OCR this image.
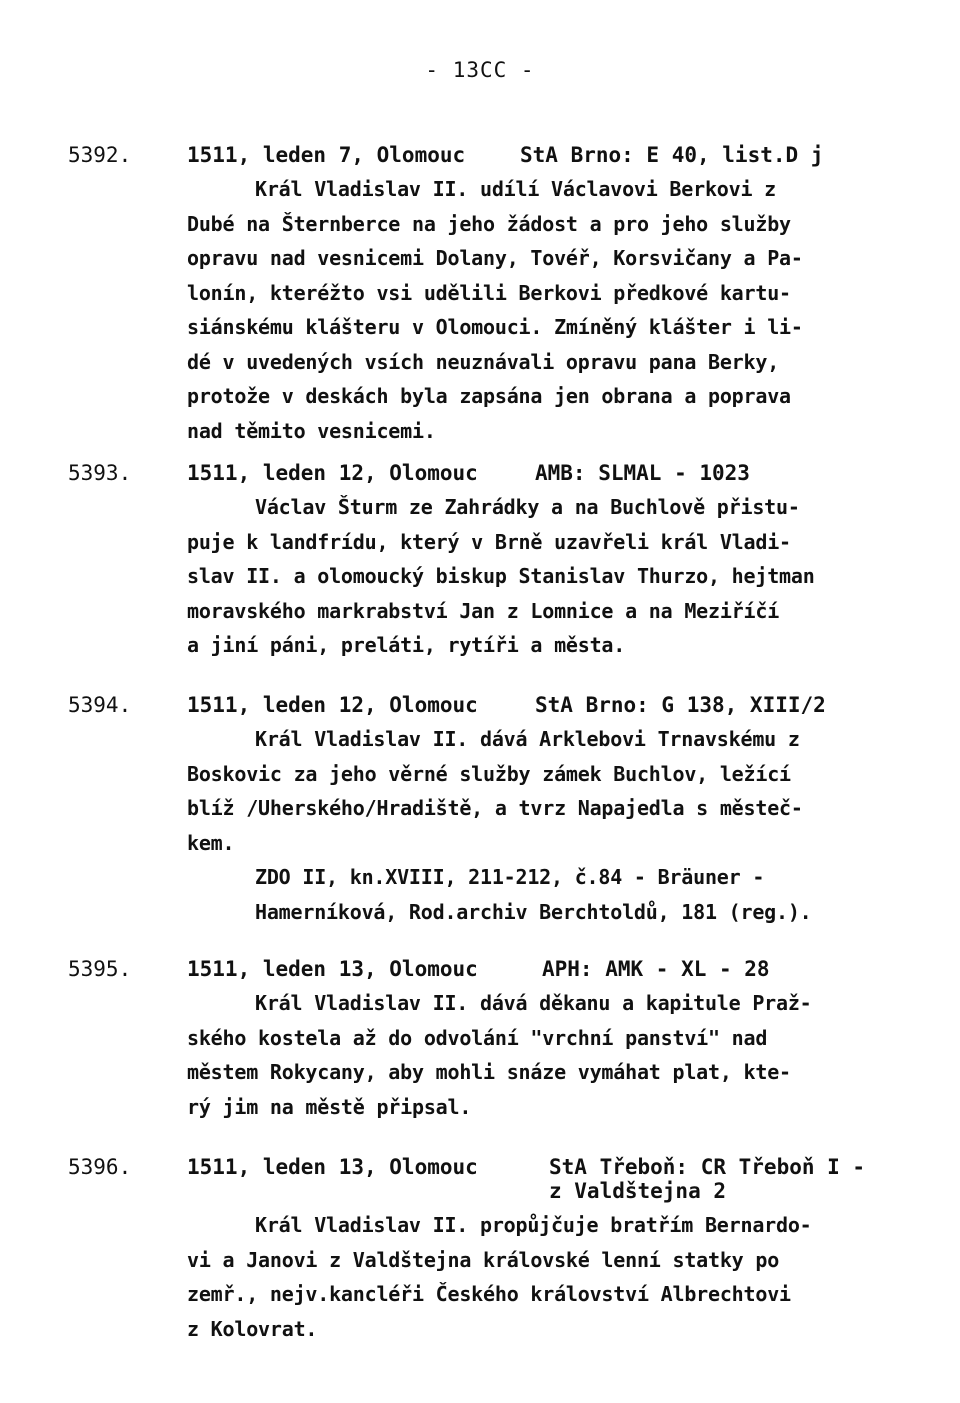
- 13CC -
5392.	1511, leden 7, Olomouc	StA Brno: E 40, list.D j
Král Vladislav II. udílí Václavovi Berkovi z
Dubé na Šternberce na jeho žádost a pro jeho služby
opravu nad vesnicemi Dolany, Tovéř, Korsvičany a Pa-
lonín, kteréžto vsi udělili Berkovi předkové kartu-
siánskému klášteru v Olomouci. Zmíněný klášter i li-
dé v uvedených vsích neuznávali opravu pana Berky,
protože v deskách byla zapsána jen obrana a poprava
nad těmito vesnicemi.
5393.	1511, leden 12, Olomouc	AMB: SLMAL - 1023
Václav Šturm ze Zahrádky a na Buchlově přistu-
puje k landfrídu, který v Brně uzavřeli král Vladi-
slav II. a olomoucký biskup Stanislav Thurzo, hejtman
moravského markrabství Jan z Lomnice a na Meziříčí
a jiní páni, preláti, rytíři a města.
5394.	1511, leden 12, Olomouc	StA Brno: G 138, XIII/2
Král Vladislav II. dává Arklebovi Trnavskému z
Boskovic za jeho věrné služby zámek Buchlov, ležící
blíž /Uherského/Hradiště, a tvrz Napajedla s městeč-
kem.
ZDO II, kn.XVIII, 211-212, č.84 - Bräuner -
Hamerníková, Rod.archiv Berchtoldů, 181 (reg.).
5395.	1511, leden 13, Olomouc	APH: AMK - XL - 28
Král Vladislav II. dává děkanu a kapitule Praž-
ského kostela až do odvolání "vrchní panství" nad
městem Rokycany, aby mohli snáze vymáhat plat, kte-
rý jim na městě připsal.
5396.	1511, leden 13, Olomouc	StA Třeboň: CR Třeboň I -
z Valdštejna 2
Král Vladislav II. propůjčuje bratřím Bernardo-
vi a Janovi z Valdštejna královské lenní statky po
zemř., nejv.kancléři Českého království Albrechtovi
z Kolovrat.
